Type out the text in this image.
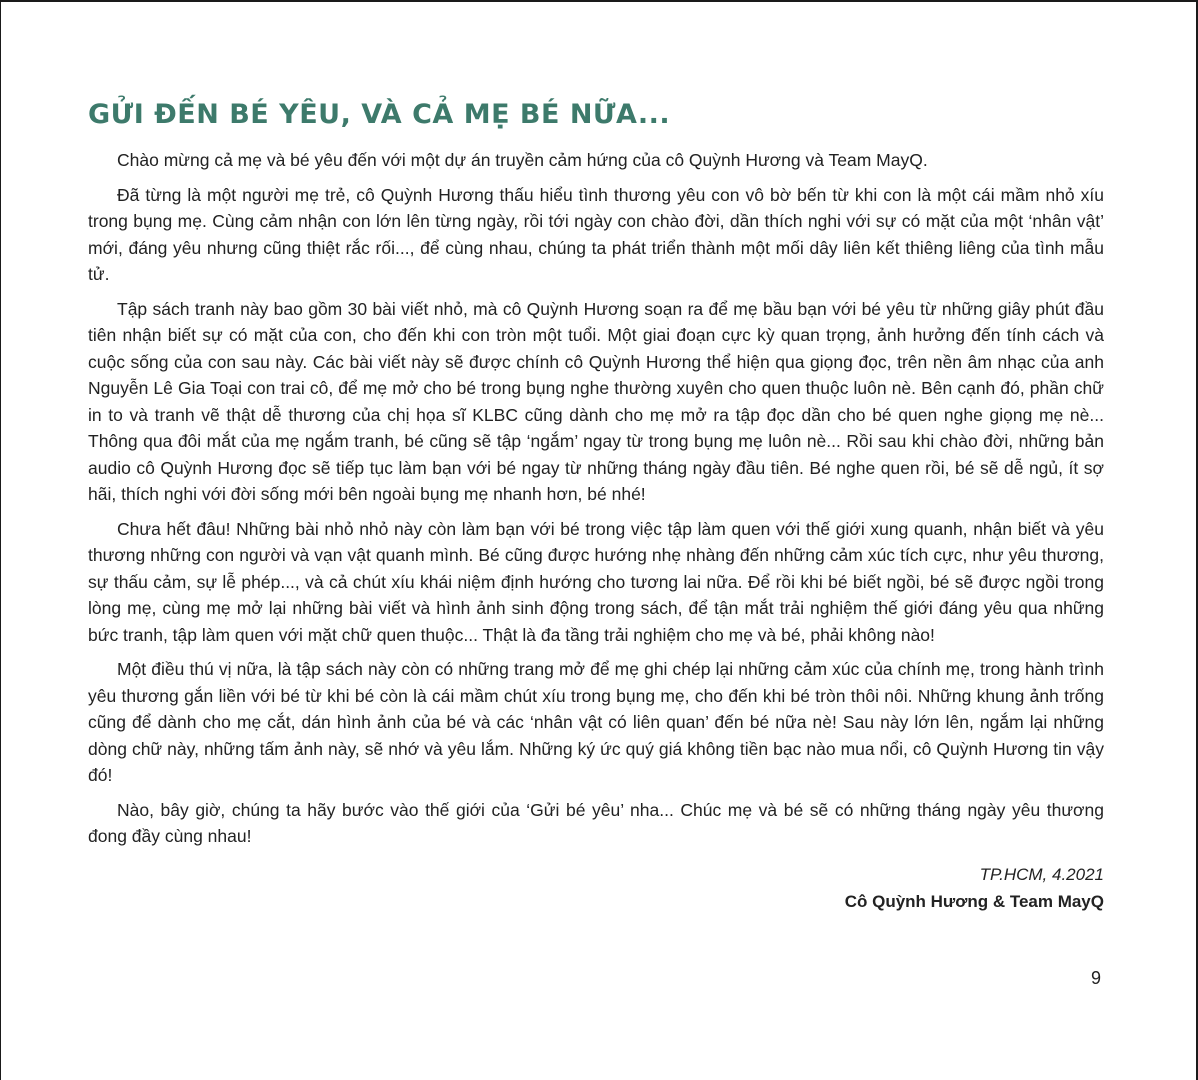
GỬI ĐẾN BÉ YÊU, VÀ CẢ MẸ BÉ NỮA...

Chào mừng cả mẹ và bé yêu đến với một dự án truyền cảm hứng của cô Quỳnh Hương và Team MayQ.

Đã từng là một người mẹ trẻ, cô Quỳnh Hương thấu hiểu tình thương yêu con vô bờ bến từ khi con là một cái mầm nhỏ xíu trong bụng mẹ. Cùng cảm nhận con lớn lên từng ngày, rồi tới ngày con chào đời, dần thích nghi với sự có mặt của một ‘nhân vật’ mới, đáng yêu nhưng cũng thiệt rắc rối..., để cùng nhau, chúng ta phát triển thành một mối dây liên kết thiêng liêng của tình mẫu tử.

Tập sách tranh này bao gồm 30 bài viết nhỏ, mà cô Quỳnh Hương soạn ra để mẹ bầu bạn với bé yêu từ những giây phút đầu tiên nhận biết sự có mặt của con, cho đến khi con tròn một tuổi. Một giai đoạn cực kỳ quan trọng, ảnh hưởng đến tính cách và cuộc sống của con sau này. Các bài viết này sẽ được chính cô Quỳnh Hương thể hiện qua giọng đọc, trên nền âm nhạc của anh Nguyễn Lê Gia Toại con trai cô, để mẹ mở cho bé trong bụng nghe thường xuyên cho quen thuộc luôn nè. Bên cạnh đó, phần chữ in to và tranh vẽ thật dễ thương của chị họa sĩ KLBC cũng dành cho mẹ mở ra tập đọc dần cho bé quen nghe giọng mẹ nè... Thông qua đôi mắt của mẹ ngắm tranh, bé cũng sẽ tập ‘ngắm’ ngay từ trong bụng mẹ luôn nè... Rồi sau khi chào đời, những bản audio cô Quỳnh Hương đọc sẽ tiếp tục làm bạn với bé ngay từ những tháng ngày đầu tiên. Bé nghe quen rồi, bé sẽ dễ ngủ, ít sợ hãi, thích nghi với đời sống mới bên ngoài bụng mẹ nhanh hơn, bé nhé!

Chưa hết đâu! Những bài nhỏ nhỏ này còn làm bạn với bé trong việc tập làm quen với thế giới xung quanh, nhận biết và yêu thương những con người và vạn vật quanh mình. Bé cũng được hướng nhẹ nhàng đến những cảm xúc tích cực, như yêu thương, sự thấu cảm, sự lễ phép..., và cả chút xíu khái niệm định hướng cho tương lai nữa. Để rồi khi bé biết ngồi, bé sẽ được ngồi trong lòng mẹ, cùng mẹ mở lại những bài viết và hình ảnh sinh động trong sách, để tận mắt trải nghiệm thế giới đáng yêu qua những bức tranh, tập làm quen với mặt chữ quen thuộc... Thật là đa tầng trải nghiệm cho mẹ và bé, phải không nào!

Một điều thú vị nữa, là tập sách này còn có những trang mở để mẹ ghi chép lại những cảm xúc của chính mẹ, trong hành trình yêu thương gắn liền với bé từ khi bé còn là cái mầm chút xíu trong bụng mẹ, cho đến khi bé tròn thôi nôi. Những khung ảnh trống cũng để dành cho mẹ cắt, dán hình ảnh của bé và các ‘nhân vật có liên quan’ đến bé nữa nè! Sau này lớn lên, ngắm lại những dòng chữ này, những tấm ảnh này, sẽ nhớ và yêu lắm. Những ký ức quý giá không tiền bạc nào mua nổi, cô Quỳnh Hương tin vậy đó!

Nào, bây giờ, chúng ta hãy bước vào thế giới của ‘Gửi bé yêu’ nha... Chúc mẹ và bé sẽ có những tháng ngày yêu thương đong đầy cùng nhau!

TP.HCM, 4.2021
Cô Quỳnh Hương & Team MayQ
9
